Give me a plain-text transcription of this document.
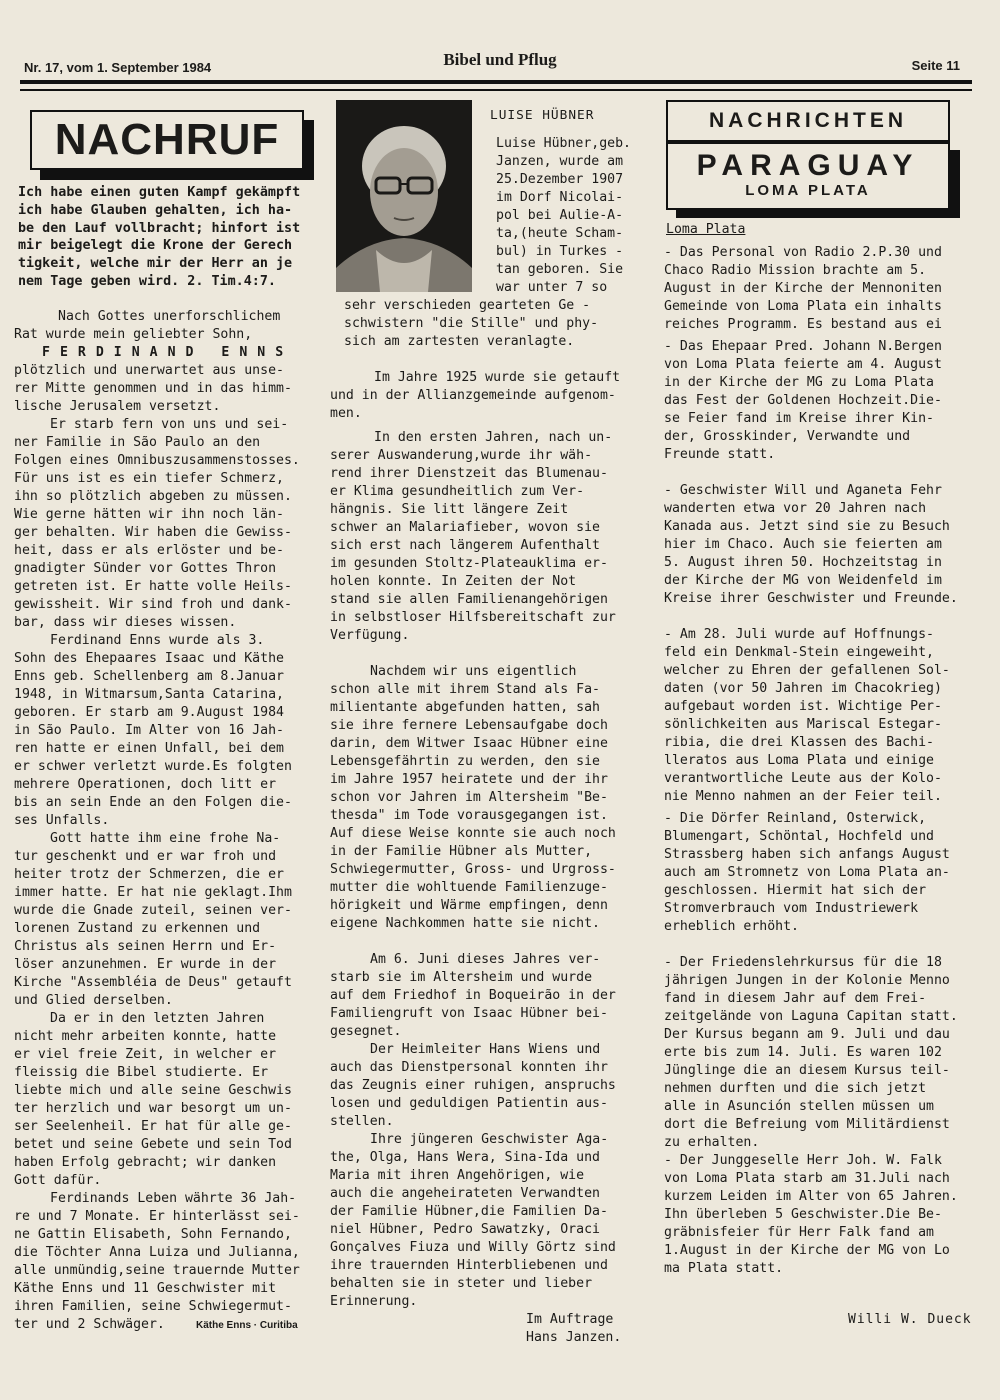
Nr. 17, vom 1. September 1984	Bibel und Pflug	Seite 11
NACHRUF
Ich habe einen guten Kampf gekämpft
ich habe Glauben gehalten, ich ha-
be den Lauf vollbracht; hinfort ist
mir beigelegt die Krone der Gerech
tigkeit, welche mir der Herr an je
nem Tage geben wird. 2. Tim.4:7.

Nach Gottes unerforschlichem
Rat wurde mein geliebter Sohn,

FERDINAND ENNS

plötzlich und unerwartet aus unse-
rer Mitte genommen und in das himm-
lische Jerusalem versetzt.

Er starb fern von uns und sei-
ner Familie in São Paulo an den
Folgen eines Omnibuszusammenstosses.
Für uns ist es ein tiefer Schmerz,
ihn so plötzlich abgeben zu müssen.
Wie gerne hätten wir ihn noch län-
ger behalten. Wir haben die Gewiss-
heit, dass er als erlöster und be-
gnadigter Sünder vor Gottes Thron
getreten ist. Er hatte volle Heils-
gewissheit. Wir sind froh und dank-
bar, dass wir dieses wissen.

Ferdinand Enns wurde als 3.
Sohn des Ehepaares Isaac und Käthe
Enns geb. Schellenberg am 8.Januar
1948, in Witmarsum,Santa Catarina,
geboren. Er starb am 9.August 1984
in São Paulo. Im Alter von 16 Jah-
ren hatte er einen Unfall, bei dem
er schwer verletzt wurde.Es folgten
mehrere Operationen, doch litt er
bis an sein Ende an den Folgen die-
ses Unfalls.

Gott hatte ihm eine frohe Na-
tur geschenkt und er war froh und
heiter trotz der Schmerzen, die er
immer hatte. Er hat nie geklagt.Ihm
wurde die Gnade zuteil, seinen ver-
lorenen Zustand zu erkennen und
Christus als seinen Herrn und Er-
löser anzunehmen. Er wurde in der
Kirche "Assembléia de Deus" getauft
und Glied derselben.

Da er in den letzten Jahren
nicht mehr arbeiten konnte, hatte
er viel freie Zeit, in welcher er
fleissig die Bibel studierte. Er
liebte mich und alle seine Geschwis
ter herzlich und war besorgt um un-
ser Seelenheil. Er hat für alle ge-
betet und seine Gebete und sein Tod
haben Erfolg gebracht; wir danken
Gott dafür.

Ferdinands Leben währte 36 Jah-
re und 7 Monate. Er hinterlässt sei-
ne Gattin Elisabeth, Sohn Fernando,
die Töchter Anna Luiza und Julianna,
alle unmündig,seine trauernde Mutter
Käthe Enns und 11 Geschwister mit
ihren Familien, seine Schwiegermut-
ter und 2 Schwäger.	Käthe Enns · Curitiba
LUISE HÜBNER
Luise Hübner,geb.
Janzen, wurde am
25.Dezember 1907
im Dorf Nicolai-
pol bei Aulie-A-
ta,(heute Scham-
bul) in Turkes -
tan geboren. Sie
war unter 7 so

sehr verschieden gearteten Ge -
schwistern "die Stille" und phy-
sich am zartesten veranlagte.

Im Jahre 1925 wurde sie getauft
und in der Allianzgemeinde aufgenom-
men.

In den ersten Jahren, nach un-
serer Auswanderung,wurde ihr wäh-
rend ihrer Dienstzeit das Blumenau-
er Klima gesundheitlich zum Ver-
hängnis. Sie litt längere Zeit
schwer an Malariafieber, wovon sie
sich erst nach längerem Aufenthalt
im gesunden Stoltz-Plateauklima er-
holen konnte. In Zeiten der Not
stand sie allen Familienangehörigen
in selbstloser Hilfsbereitschaft zur
Verfügung.

Nachdem wir uns eigentlich
schon alle mit ihrem Stand als Fa-
milientante abgefunden hatten, sah
sie ihre fernere Lebensaufgabe doch
darin, dem Witwer Isaac Hübner eine
Lebensgefährtin zu werden, den sie
im Jahre 1957 heiratete und der ihr
schon vor Jahren im Altersheim "Be-
thesda" im Tode vorausgegangen ist.
Auf diese Weise konnte sie auch noch
in der Familie Hübner als Mutter,
Schwiegermutter, Gross- und Urgross-
mutter die wohltuende Familienzuge-
hörigkeit und Wärme empfingen, denn
eigene Nachkommen hatte sie nicht.

Am 6. Juni dieses Jahres ver-
starb sie im Altersheim und wurde
auf dem Friedhof in Boqueirão in der
Familiengruft von Isaac Hübner bei-
gesegnet.

Der Heimleiter Hans Wiens und
auch das Dienstpersonal konnten ihr
das Zeugnis einer ruhigen, anspruchs
losen und geduldigen Patientin aus-
stellen.

Ihre jüngeren Geschwister Aga-
the, Olga, Hans Wera, Sina-Ida und
Maria mit ihren Angehörigen, wie
auch die angeheirateten Verwandten
der Familie Hübner,die Familien Da-
niel Hübner, Pedro Sawatzky, Oraci
Gonçalves Fiuza und Willy Görtz sind
ihre trauernden Hinterbliebenen und
behalten sie in steter und lieber
Erinnerung.

Im Auftrage
Hans Janzen.

NACHRICHTEN
PARAGUAY
LOMA PLATA
Loma Plata

- Das Personal von Radio 2.P.30 und
Chaco Radio Mission brachte am 5.
August in der Kirche der Mennoniten
Gemeinde von Loma Plata ein inhalts
reiches Programm. Es bestand aus ei

- Das Ehepaar Pred. Johann N.Bergen
von Loma Plata feierte am 4. August
in der Kirche der MG zu Loma Plata
das Fest der Goldenen Hochzeit.Die-
se Feier fand im Kreise ihrer Kin-
der, Grosskinder, Verwandte und
Freunde statt.

- Geschwister Will und Aganeta Fehr
wanderten etwa vor 20 Jahren nach
Kanada aus. Jetzt sind sie zu Besuch
hier im Chaco. Auch sie feierten am
5. August ihren 50. Hochzeitstag in
der Kirche der MG von Weidenfeld im
Kreise ihrer Geschwister und Freunde.

- Am 28. Juli wurde auf Hoffnungs-
feld ein Denkmal-Stein eingeweiht,
welcher zu Ehren der gefallenen Sol-
daten (vor 50 Jahren im Chacokrieg)
aufgebaut worden ist. Wichtige Per-
sönlichkeiten aus Mariscal Estegar-
ribia, die drei Klassen des Bachi-
lleratos aus Loma Plata und einige
verantwortliche Leute aus der Kolo-
nie Menno nahmen an der Feier teil.

- Die Dörfer Reinland, Osterwick,
Blumengart, Schöntal, Hochfeld und
Strassberg haben sich anfangs August
auch am Stromnetz von Loma Plata an-
geschlossen. Hiermit hat sich der
Stromverbrauch vom Industriewerk
erheblich erhöht.

- Der Friedenslehrkursus für die 18
jährigen Jungen in der Kolonie Menno
fand in diesem Jahr auf dem Frei-
zeitgelände von Laguna Capitan statt.
Der Kursus begann am 9. Juli und dau
erte bis zum 14. Juli. Es waren 102
Jünglinge die an diesem Kursus teil-
nehmen durften und die sich jetzt
alle in Asunción stellen müssen um
dort die Befreiung vom Militärdienst
zu erhalten.

- Der Junggeselle Herr Joh. W. Falk
von Loma Plata starb am 31.Juli nach
kurzem Leiden im Alter von 65 Jahren.
Ihn überleben 5 Geschwister.Die Be-
gräbnisfeier für Herr Falk fand am
1.August in der Kirche der MG von Lo
ma Plata statt.

Willi W. Dueck
